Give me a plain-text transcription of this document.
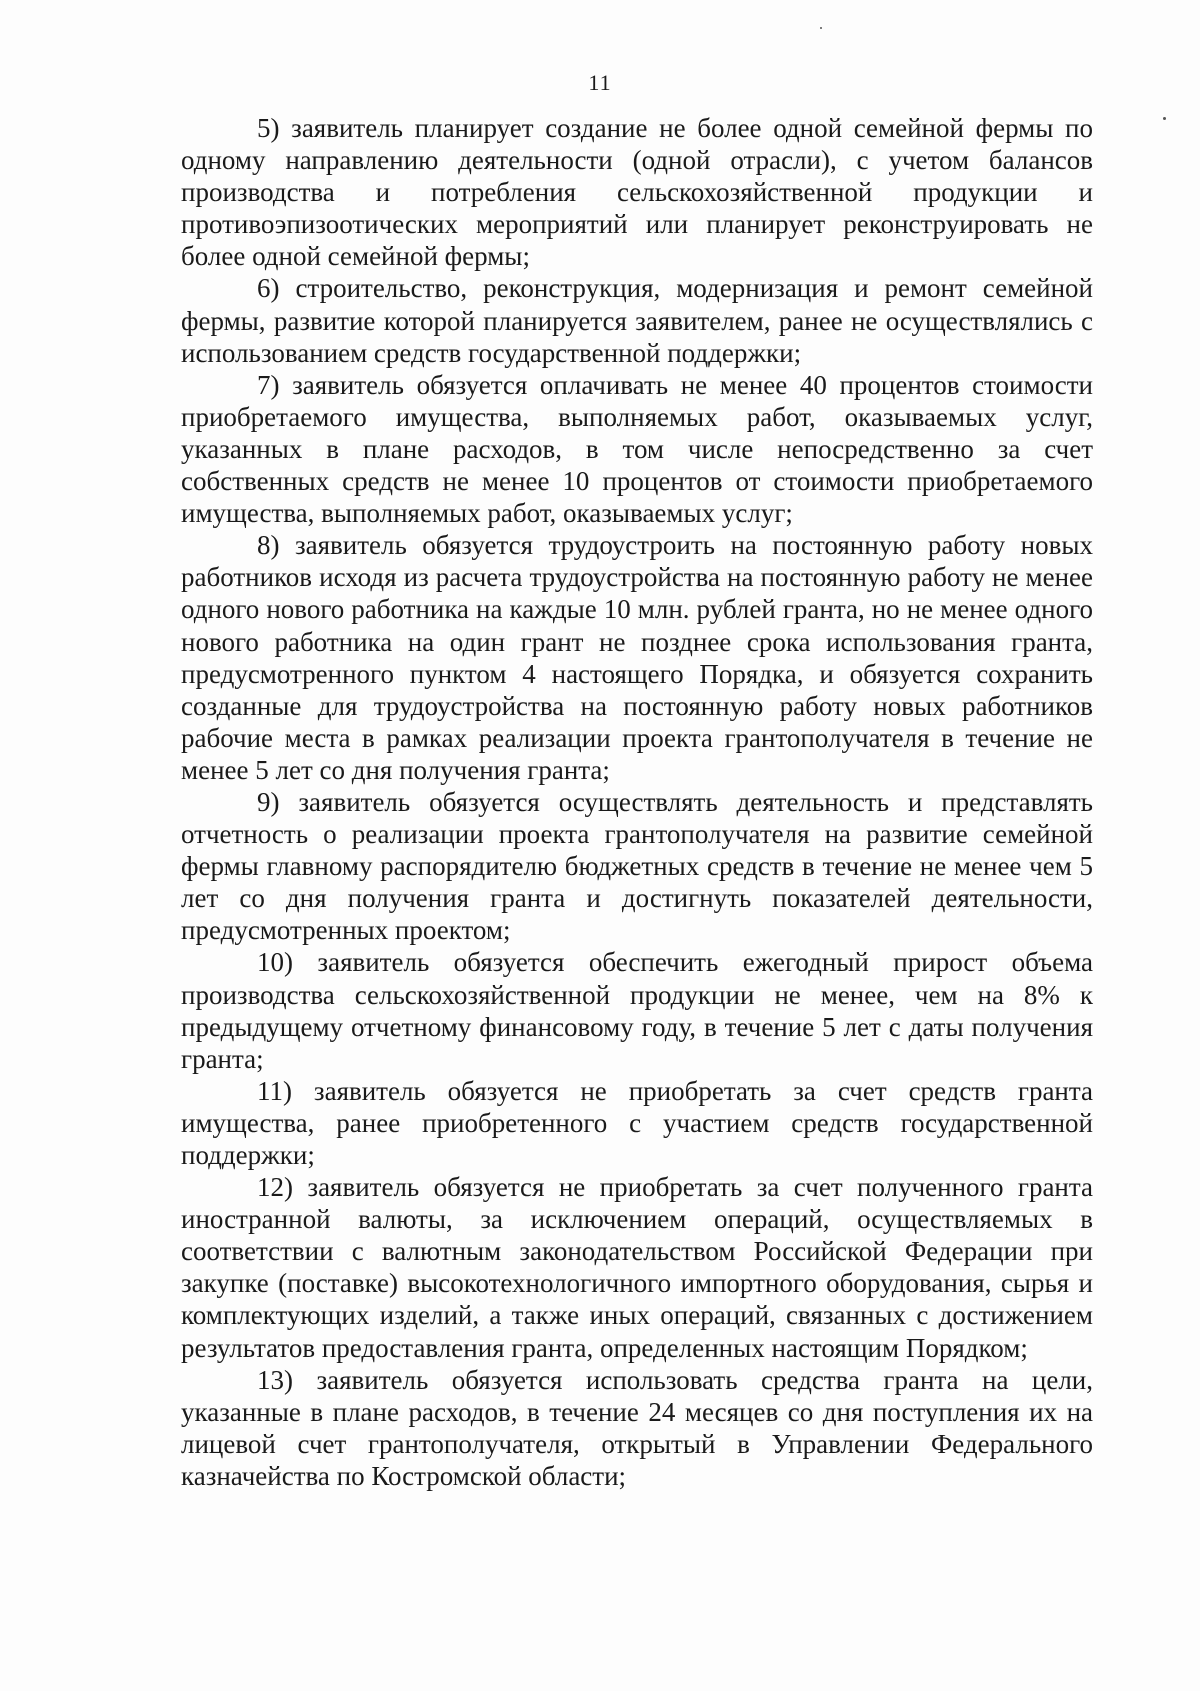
11

5) заявитель планирует создание не более одной семейной фермы по одному направлению деятельности (одной отрасли), с учетом балансов производства и потребления сельскохозяйственной продукции и противоэпизоотических мероприятий или планирует реконструировать не более одной семейной фермы;

6) строительство, реконструкция, модернизация и ремонт семейной фермы, развитие которой планируется заявителем, ранее не осуществлялись с использованием средств государственной поддержки;

7) заявитель обязуется оплачивать не менее 40 процентов стоимости приобретаемого имущества, выполняемых работ, оказываемых услуг, указанных в плане расходов, в том числе непосредственно за счет собственных средств не менее 10 процентов от стоимости приобретаемого имущества, выполняемых работ, оказываемых услуг;

8) заявитель обязуется трудоустроить на постоянную работу новых работников исходя из расчета трудоустройства на постоянную работу не менее одного нового работника на каждые 10 млн. рублей гранта, но не менее одного нового работника на один грант не позднее срока использования гранта, предусмотренного пунктом 4 настоящего Порядка, и обязуется сохранить созданные для трудоустройства на постоянную работу новых работников рабочие места в рамках реализации проекта грантополучателя в течение не менее 5 лет со дня получения гранта;

9) заявитель обязуется осуществлять деятельность и представлять отчетность о реализации проекта грантополучателя на развитие семейной фермы главному распорядителю бюджетных средств в течение не менее чем 5 лет со дня получения гранта и достигнуть показателей деятельности, предусмотренных проектом;

10) заявитель обязуется обеспечить ежегодный прирост объема производства сельскохозяйственной продукции не менее, чем на 8% к предыдущему отчетному финансовому году, в течение 5 лет с даты получения гранта;

11) заявитель обязуется не приобретать за счет средств гранта имущества, ранее приобретенного с участием средств государственной поддержки;

12) заявитель обязуется не приобретать за счет полученного гранта иностранной валюты, за исключением операций, осуществляемых в соответствии с валютным законодательством Российской Федерации при закупке (поставке) высокотехнологичного импортного оборудования, сырья и комплектующих изделий, а также иных операций, связанных с достижением результатов предоставления гранта, определенных настоящим Порядком;

13) заявитель обязуется использовать средства гранта на цели, указанные в плане расходов, в течение 24 месяцев со дня поступления их на лицевой счет грантополучателя, открытый в Управлении Федерального казначейства по Костромской области;
